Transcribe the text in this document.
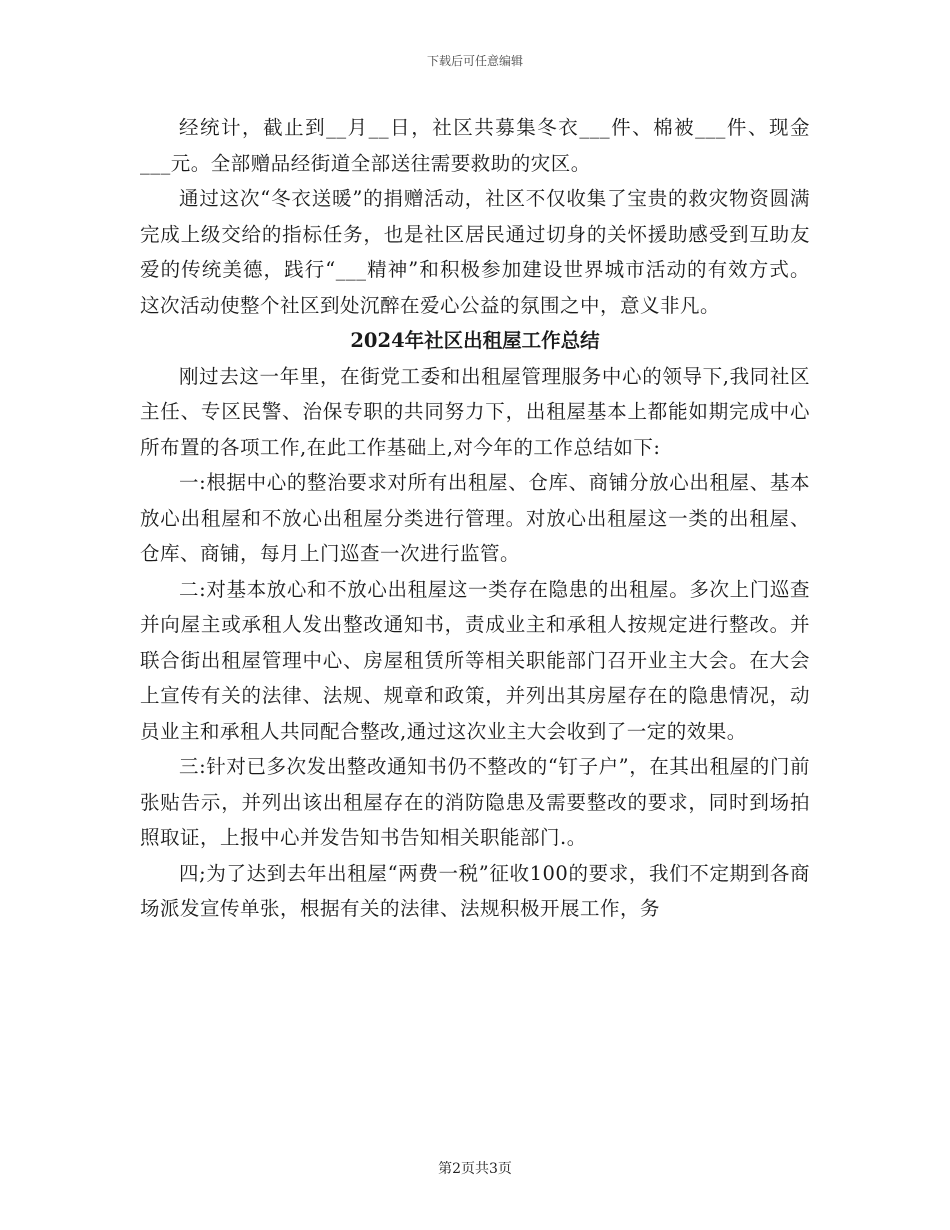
下载后可任意编辑

经统计，截止到__月__日，社区共募集冬衣___件、棉被___件、现金___元。全部赠品经街道全部送往需要救助的灾区。

通过这次“冬衣送暖”的捐赠活动，社区不仅收集了宝贵的救灾物资圆满完成上级交给的指标任务，也是社区居民通过切身的关怀援助感受到互助友爱的传统美德，践行“___精神”和积极参加建设世界城市活动的有效方式。这次活动使整个社区到处沉醉在爱心公益的氛围之中，意义非凡。

2024年社区出租屋工作总结

刚过去这一年里，在街党工委和出租屋管理服务中心的领导下,我同社区主任、专区民警、治保专职的共同努力下，出租屋基本上都能如期完成中心所布置的各项工作,在此工作基础上,对今年的工作总结如下:

一:根据中心的整治要求对所有出租屋、仓库、商铺分放心出租屋、基本放心出租屋和不放心出租屋分类进行管理。对放心出租屋这一类的出租屋、仓库、商铺，每月上门巡查一次进行监管。

二:对基本放心和不放心出租屋这一类存在隐患的出租屋。多次上门巡查并向屋主或承租人发出整改通知书，责成业主和承租人按规定进行整改。并联合街出租屋管理中心、房屋租赁所等相关职能部门召开业主大会。在大会上宣传有关的法律、法规、规章和政策，并列出其房屋存在的隐患情况，动员业主和承租人共同配合整改,通过这次业主大会收到了一定的效果。

三:针对已多次发出整改通知书仍不整改的“钉子户”，在其出租屋的门前张贴告示，并列出该出租屋存在的消防隐患及需要整改的要求，同时到场拍照取证，上报中心并发告知书告知相关职能部门.。

四;为了达到去年出租屋“两费一税”征收100的要求，我们不定期到各商场派发宣传单张，根据有关的法律、法规积极开展工作，务

第2页共3页
